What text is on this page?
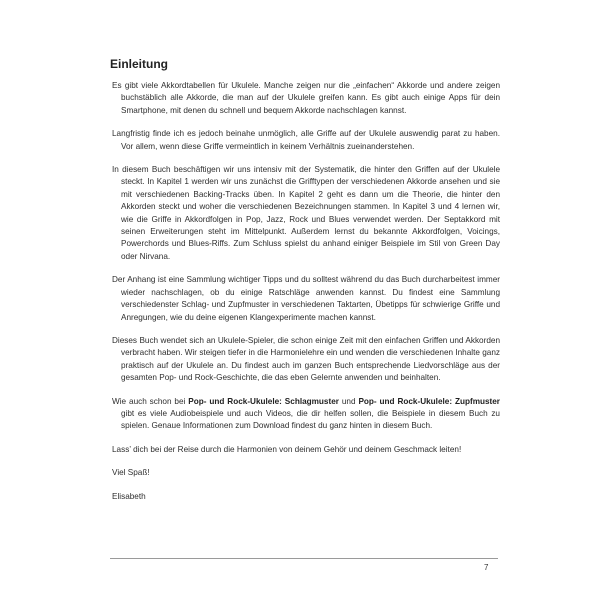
Einleitung

Es gibt viele Akkordtabellen für Ukulele. Manche zeigen nur die „einfachen“ Akkorde und andere zeigen buchstäblich alle Akkorde, die man auf der Ukulele greifen kann. Es gibt auch einige Apps für dein Smartphone, mit denen du schnell und bequem Akkorde nachschlagen kannst.

Langfristig finde ich es jedoch beinahe unmöglich, alle Griffe auf der Ukulele auswendig parat zu haben. Vor allem, wenn diese Griffe vermeintlich in keinem Verhältnis zueinanderstehen.

In diesem Buch beschäftigen wir uns intensiv mit der Systematik, die hinter den Griffen auf der Ukulele steckt. In Kapitel 1 werden wir uns zunächst die Grifftypen der verschiedenen Akkorde ansehen und sie mit verschiedenen Backing-Tracks üben. In Kapitel 2 geht es dann um die Theorie, die hinter den Akkorden steckt und woher die verschiedenen Bezeichnungen stammen. In Kapitel 3 und 4 lernen wir, wie die Griffe in Akkordfolgen in Pop, Jazz, Rock und Blues verwendet werden. Der Septakkord mit seinen Erweiterungen steht im Mittelpunkt. Außerdem lernst du bekannte Akkordfolgen, Voicings, Powerchords und Blues-Riffs. Zum Schluss spielst du anhand einiger Beispiele im Stil von Green Day oder Nirvana.

Der Anhang ist eine Sammlung wichtiger Tipps und du solltest während du das Buch durcharbeitest immer wieder nachschlagen, ob du einige Ratschläge anwenden kannst. Du findest eine Sammlung verschiedenster Schlag- und Zupfmuster in verschiedenen Taktarten, Übetipps für schwierige Griffe und Anregungen, wie du deine eigenen Klangexperimente machen kannst.

Dieses Buch wendet sich an Ukulele-Spieler, die schon einige Zeit mit den einfachen Griffen und Akkorden verbracht haben. Wir steigen tiefer in die Harmonielehre ein und wenden die verschiedenen Inhalte ganz praktisch auf der Ukulele an. Du findest auch im ganzen Buch entsprechende Liedvorschläge aus der gesamten Pop- und Rock-Geschichte, die das eben Gelernte anwenden und beinhalten.

Wie auch schon bei Pop- und Rock-Ukulele: Schlagmuster und Pop- und Rock-Ukulele: Zupfmuster gibt es viele Audiobeispiele und auch Videos, die dir helfen sollen, die Beispiele in diesem Buch zu spielen. Genaue Informationen zum Download findest du ganz hinten in diesem Buch.

Lass’ dich bei der Reise durch die Harmonien von deinem Gehör und deinem Geschmack leiten!

Viel Spaß!

Elisabeth

7
